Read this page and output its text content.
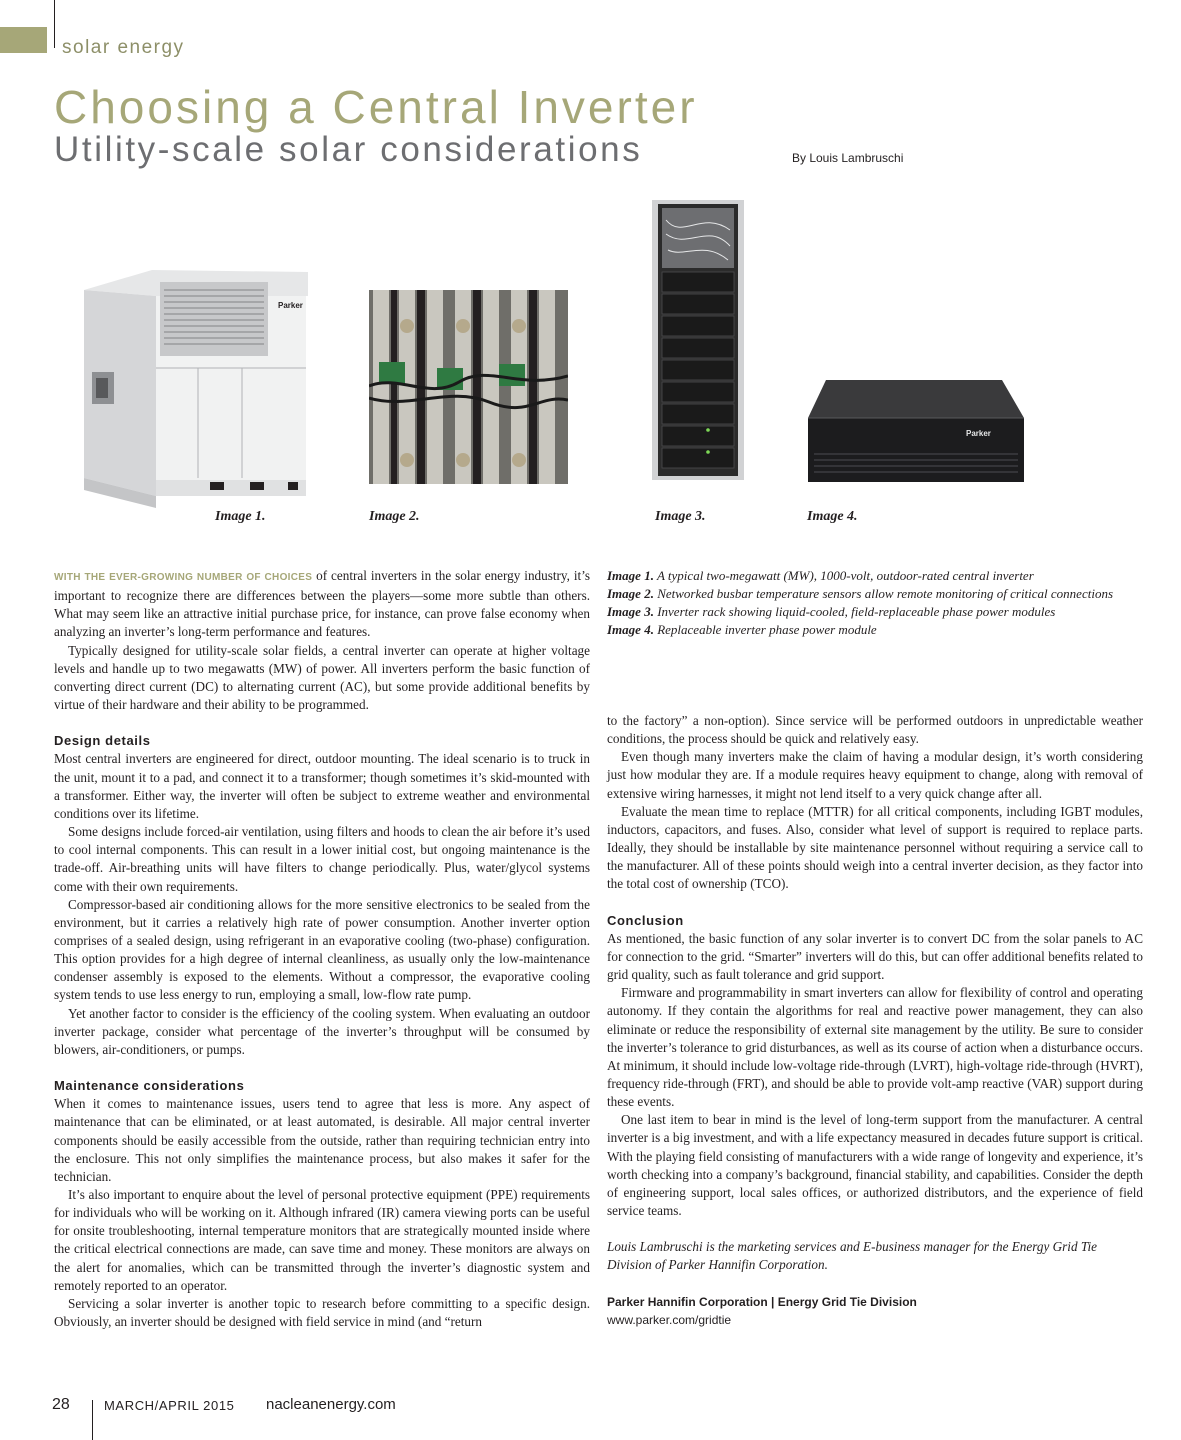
solar energy
Choosing a Central Inverter
Utility-scale solar considerations	By Louis Lambruschi
Parker
Parker
Image 1.	Image 2.	Image 3.	Image 4.

WITH THE EVER-GROWING NUMBER OF CHOICES of central inverters in the solar energy industry, it’s important to recognize there are differences between the players—some more subtle than others. What may seem like an attractive initial purchase price, for instance, can prove false economy when analyzing an inverter’s long-term performance and features.

Typically designed for utility-scale solar fields, a central inverter can operate at higher voltage levels and handle up to two megawatts (MW) of power. All inverters perform the basic function of converting direct current (DC) to alternating current (AC), but some provide additional benefits by virtue of their hardware and their ability to be programmed.

Design details

Most central inverters are engineered for direct, outdoor mounting. The ideal scenario is to truck in the unit, mount it to a pad, and connect it to a transformer; though sometimes it’s skid-mounted with a transformer. Either way, the inverter will often be subject to extreme weather and environmental conditions over its lifetime.

Some designs include forced-air ventilation, using filters and hoods to clean the air before it’s used to cool internal components. This can result in a lower initial cost, but ongoing maintenance is the trade-off. Air-breathing units will have filters to change periodically. Plus, water/glycol systems come with their own requirements.

Compressor-based air conditioning allows for the more sensitive electronics to be sealed from the environment, but it carries a relatively high rate of power consumption. Another inverter option comprises of a sealed design, using refrigerant in an evaporative cooling (two-phase) configuration. This option provides for a high degree of internal cleanliness, as usually only the low-maintenance condenser assembly is exposed to the elements. Without a compressor, the evaporative cooling system tends to use less energy to run, employing a small, low-flow rate pump.

Yet another factor to consider is the efficiency of the cooling system. When evaluating an outdoor inverter package, consider what percentage of the inverter’s throughput will be consumed by blowers, air-conditioners, or pumps.

Maintenance considerations

When it comes to maintenance issues, users tend to agree that less is more. Any aspect of maintenance that can be eliminated, or at least automated, is desirable. All major central inverter components should be easily accessible from the outside, rather than requiring technician entry into the enclosure. This not only simplifies the maintenance process, but also makes it safer for the technician.

It’s also important to enquire about the level of personal protective equipment (PPE) requirements for individuals who will be working on it. Although infrared (IR) camera viewing ports can be useful for onsite troubleshooting, internal temperature monitors that are strategically mounted inside where the critical electrical connections are made, can save time and money. These monitors are always on the alert for anomalies, which can be transmitted through the inverter’s diagnostic system and remotely reported to an operator.

Servicing a solar inverter is another topic to research before committing to a specific design. Obviously, an inverter should be designed with field service in mind (and “return

Image 1. A typical two-megawatt (MW), 1000-volt, outdoor-rated central inverter
Image 2. Networked busbar temperature sensors allow remote monitoring of critical connections
Image 3. Inverter rack showing liquid-cooled, field-replaceable phase power modules
Image 4. Replaceable inverter phase power module

to the factory” a non-option). Since service will be performed outdoors in unpredictable weather conditions, the process should be quick and relatively easy.

Even though many inverters make the claim of having a modular design, it’s worth considering just how modular they are. If a module requires heavy equipment to change, along with removal of extensive wiring harnesses, it might not lend itself to a very quick change after all.

Evaluate the mean time to replace (MTTR) for all critical components, including IGBT modules, inductors, capacitors, and fuses. Also, consider what level of support is required to replace parts. Ideally, they should be installable by site maintenance personnel without requiring a service call to the manufacturer. All of these points should weigh into a central inverter decision, as they factor into the total cost of ownership (TCO).

Conclusion

As mentioned, the basic function of any solar inverter is to convert DC from the solar panels to AC for connection to the grid. “Smarter” inverters will do this, but can offer additional benefits related to grid quality, such as fault tolerance and grid support.

Firmware and programmability in smart inverters can allow for flexibility of control and operating autonomy. If they contain the algorithms for real and reactive power management, they can also eliminate or reduce the responsibility of external site management by the utility. Be sure to consider the inverter’s tolerance to grid disturbances, as well as its course of action when a disturbance occurs. At minimum, it should include low-voltage ride-through (LVRT), high-voltage ride-through (HVRT), frequency ride-through (FRT), and should be able to provide volt-amp reactive (VAR) support during these events.

One last item to bear in mind is the level of long-term support from the manufacturer. A central inverter is a big investment, and with a life expectancy measured in decades future support is critical. With the playing field consisting of manufacturers with a wide range of longevity and experience, it’s worth checking into a company’s background, financial stability, and capabilities. Consider the depth of engineering support, local sales offices, or authorized distributors, and the experience of field service teams.

Louis Lambruschi is the marketing services and E-business manager for the Energy Grid Tie Division of Parker Hannifin Corporation.

Parker Hannifin Corporation | Energy Grid Tie Division
www.parker.com/gridtie
28	MARCH/APRIL 2015 nacleanenergy.com
